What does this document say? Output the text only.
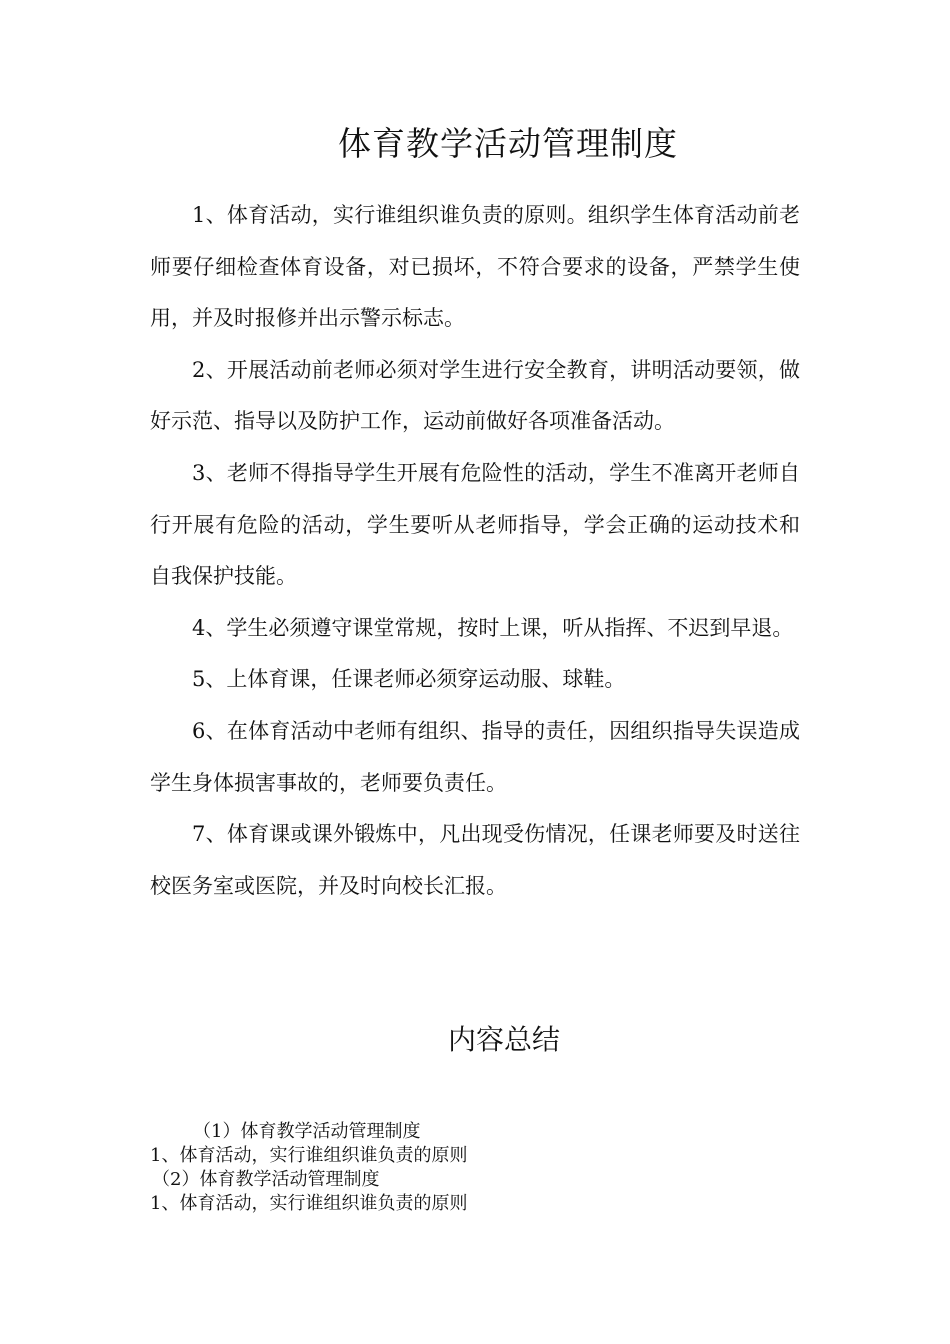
体育教学活动管理制度

1、体育活动，实行谁组织谁负责的原则。组织学生体育活动前老师要仔细检查体育设备，对已损坏，不符合要求的设备，严禁学生使用，并及时报修并出示警示标志。

2、开展活动前老师必须对学生进行安全教育，讲明活动要领，做好示范、指导以及防护工作，运动前做好各项准备活动。

3、老师不得指导学生开展有危险性的活动，学生不准离开老师自行开展有危险的活动，学生要听从老师指导，学会正确的运动技术和自我保护技能。

4、学生必须遵守课堂常规，按时上课，听从指挥、不迟到早退。

5、上体育课，任课老师必须穿运动服、球鞋。

6、在体育活动中老师有组织、指导的责任，因组织指导失误造成学生身体损害事故的，老师要负责任。

7、体育课或课外锻炼中，凡出现受伤情况，任课老师要及时送往校医务室或医院，并及时向校长汇报。

内容总结
（1）体育教学活动管理制度
1、体育活动，实行谁组织谁负责的原则
（2）体育教学活动管理制度
1、体育活动，实行谁组织谁负责的原则
